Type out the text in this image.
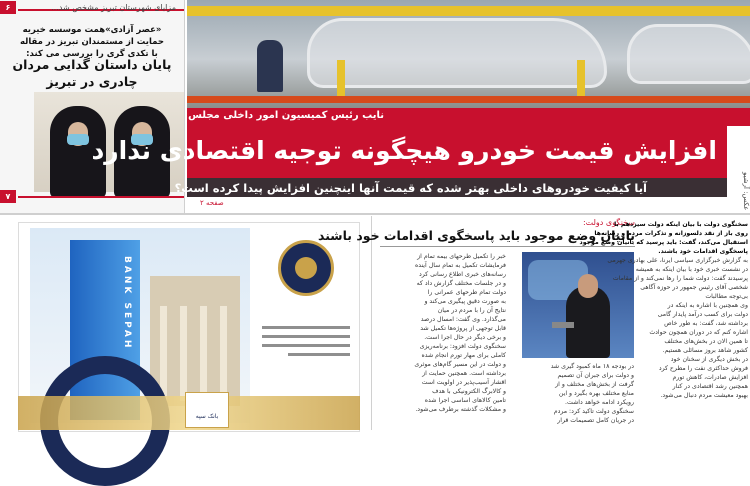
۶	مزایای شهرستان تبریز مشخص شد...
«عصر آزادی»همت موسسه خیریه
حمایت از مستمندان تبریز در مقاله
با تکدی گری را بررسی می کند:
پایان داستان گدایی مردان
چادری در تبریز
۷
نایب رئیس کمیسیون امور داخلی مجلس:
افزایش قیمت خودرو هیچگونه توجیه اقتصادی ندارد
آیا کیفیت خودروهای داخلی بهتر شده که قیمت آنها اینچنین افزایش پیدا کرده است؟	عکس: آرشیو
صفحه ۲
BANK SEPAH
بانک سپه
سخنگوی دولت:
بانیان وضع موجود باید پاسخگوی اقدامات خود باشند
سخنگوی دولت با بیان اینکه دولت سیزدهم با
روی باز از نقد دلسوزانه و تذکرات مردم و رسانه‌ها
استقبال می‌کند، گفت: باید پرسید که بانیان وضع موجود
پاسخگوی اقدامات خود باشند.
به گزارش خبرگزاری سیاسی ایرنا، علی بهادری جهرمی
در نشست خبری خود با بیان اینکه به همیشه
پرسیدند گفت: دولت شما را رها نمی‌کند و از مقامات
شخصی آقای رئیس جمهور در حوزه آگاهی
بی‌توجه مطالبات
وی همچنین با اشاره به اینکه در
دولت برای کسب درآمد پایدار گامی
برداشته شد، گفت: به طور خاص
اشاره کنم که در دوران همچون حوادث
تا همین الان در بخش‌های مختلف
کشور شاهد بروز مسائلی هستیم.
در بخش دیگری از سخنان خود
فروش حداکثری نفت را مطرح کرد
افزایش صادرات، کاهش تورم
همچنین رشد اقتصادی در کنار
بهبود معیشت مردم دنبال می‌شود.
در بودجه ۱۸ ماه کمبود گیری شد
و دولت برای جبران آن تصمیم
گرفت از بخش‌های مختلف و از
منابع مختلف بهره بگیرد و این
رویکرد ادامه خواهد داشت.
سخنگوی دولت تاکید کرد: مردم
در جریان کامل تصمیمات قرار
خبر را تکمیل طرحهای بیمه تمام از
فرمایشات تکمیل به تمام سال آینده
رسانه‌های خبری اطلاع رسانی کرد
و در جلسات مختلف گزارش داد که
دولت تمام طرحهای عمرانی را
به صورت دقیق پیگیری می‌کند و
نتایج آن را با مردم در میان
می‌گذارد. وی گفت: امسال درصد
قابل توجهی از پروژه‌ها تکمیل شد
و برخی دیگر در حال اجرا است.
سخنگوی دولت افزود: برنامه‌ریزی
کاملی برای مهار تورم انجام شده
و دولت در این مسیر گام‌های موثری
برداشته است. همچنین حمایت از
اقشار آسیب‌پذیر در اولویت است
و کالابرگ الکترونیکی با هدف
تامین کالاهای اساسی اجرا شده
و مشکلات گذشته برطرف می‌شود.
